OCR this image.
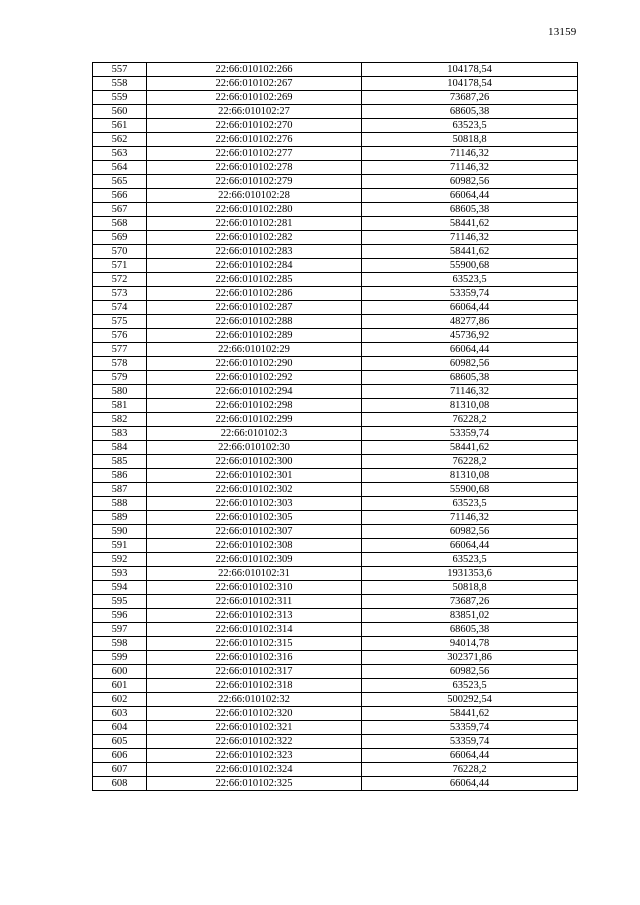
13159
557	22:66:010102:266	104178,54
558	22:66:010102:267	104178,54
559	22:66:010102:269	73687,26
560	22:66:010102:27	68605,38
561	22:66:010102:270	63523,5
562	22:66:010102:276	50818,8
563	22:66:010102:277	71146,32
564	22:66:010102:278	71146,32
565	22:66:010102:279	60982,56
566	22:66:010102:28	66064,44
567	22:66:010102:280	68605,38
568	22:66:010102:281	58441,62
569	22:66:010102:282	71146,32
570	22:66:010102:283	58441,62
571	22:66:010102:284	55900,68
572	22:66:010102:285	63523,5
573	22:66:010102:286	53359,74
574	22:66:010102:287	66064,44
575	22:66:010102:288	48277,86
576	22:66:010102:289	45736,92
577	22:66:010102:29	66064,44
578	22:66:010102:290	60982,56
579	22:66:010102:292	68605,38
580	22:66:010102:294	71146,32
581	22:66:010102:298	81310,08
582	22:66:010102:299	76228,2
583	22:66:010102:3	53359,74
584	22:66:010102:30	58441,62
585	22:66:010102:300	76228,2
586	22:66:010102:301	81310,08
587	22:66:010102:302	55900,68
588	22:66:010102:303	63523,5
589	22:66:010102:305	71146,32
590	22:66:010102:307	60982,56
591	22:66:010102:308	66064,44
592	22:66:010102:309	63523,5
593	22:66:010102:31	1931353,6
594	22:66:010102:310	50818,8
595	22:66:010102:311	73687,26
596	22:66:010102:313	83851,02
597	22:66:010102:314	68605,38
598	22:66:010102:315	94014,78
599	22:66:010102:316	302371,86
600	22:66:010102:317	60982,56
601	22:66:010102:318	63523,5
602	22:66:010102:32	500292,54
603	22:66:010102:320	58441,62
604	22:66:010102:321	53359,74
605	22:66:010102:322	53359,74
606	22:66:010102:323	66064,44
607	22:66:010102:324	76228,2
608	22:66:010102:325	66064,44
